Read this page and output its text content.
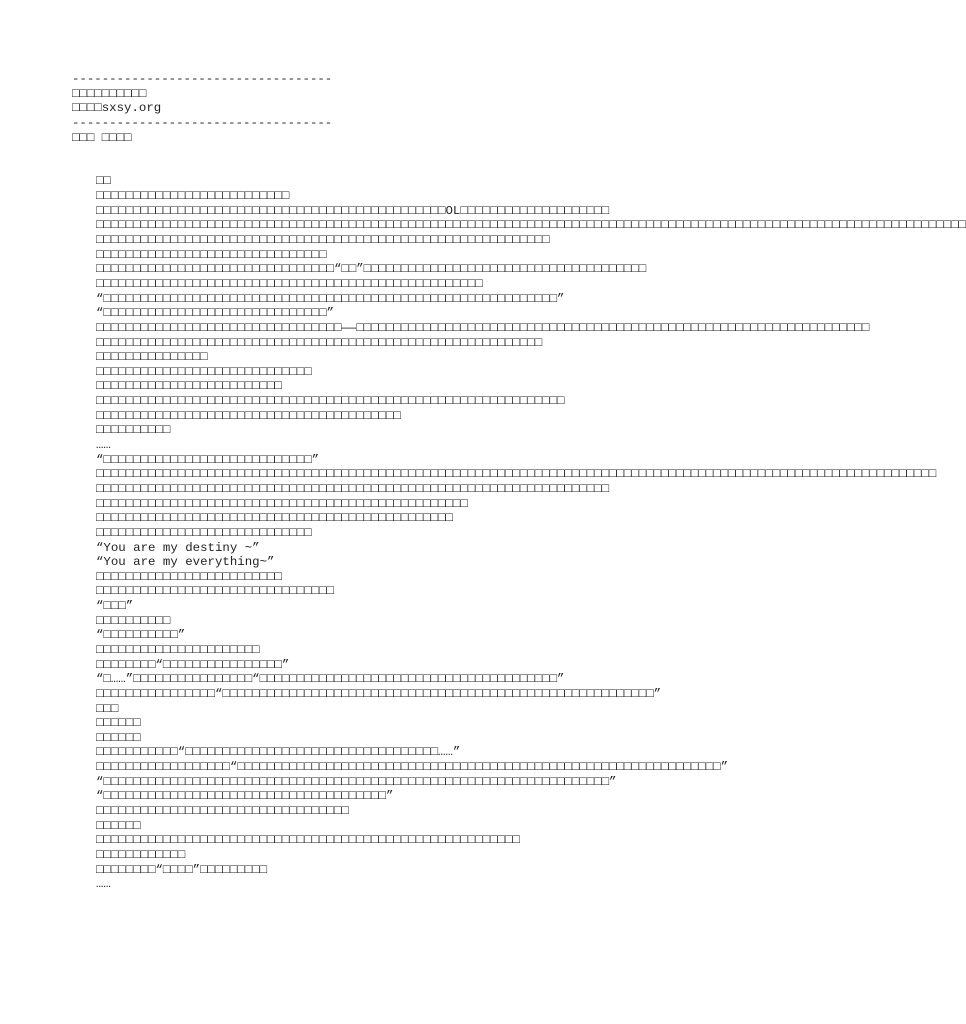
-----------------------------------
□□□□□□□□□□
□□□□sxsy.org
-----------------------------------
□□□ □□□□
□□
□□□□□□□□□□□□□□□□□□□□□□□□□□
□□□□□□□□□□□□□□□□□□□□□□□□□□□□□□□□□□□□□□□□□□□□□□□OL□□□□□□□□□□□□□□□□□□□□
□□□□□□□□□□□□□□□□□□□□□□□□□□□□□□□□□□□□□□□□□□□□□□□□□□□□□□□□□□□□□□□□□□□□□□□□□□□□□□□□□□□□□□□□□□□□□□□□□□□□□□□□□□□□□□□□□□□□□
□□□□□□□□□□□□□□□□□□□□□□□□□□□□□□□□□□□□□□□□□□□□□□□□□□□□□□□□□□□□□
□□□□□□□□□□□□□□□□□□□□□□□□□□□□□□□
□□□□□□□□□□□□□□□□□□□□□□□□□□□□□□□□“□□”□□□□□□□□□□□□□□□□□□□□□□□□□□□□□□□□□□□□□□
□□□□□□□□□□□□□□□□□□□□□□□□□□□□□□□□□□□□□□□□□□□□□□□□□□□□
“□□□□□□□□□□□□□□□□□□□□□□□□□□□□□□□□□□□□□□□□□□□□□□□□□□□□□□□□□□□□□”
“□□□□□□□□□□□□□□□□□□□□□□□□□□□□□□”
□□□□□□□□□□□□□□□□□□□□□□□□□□□□□□□□□——□□□□□□□□□□□□□□□□□□□□□□□□□□□□□□□□□□□□□□□□□□□□□□□□□□□□□□□□□□□□□□□□□□□□□
□□□□□□□□□□□□□□□□□□□□□□□□□□□□□□□□□□□□□□□□□□□□□□□□□□□□□□□□□□□□
□□□□□□□□□□□□□□□
□□□□□□□□□□□□□□□□□□□□□□□□□□□□□
□□□□□□□□□□□□□□□□□□□□□□□□□
□□□□□□□□□□□□□□□□□□□□□□□□□□□□□□□□□□□□□□□□□□□□□□□□□□□□□□□□□□□□□□□
□□□□□□□□□□□□□□□□□□□□□□□□□□□□□□□□□□□□□□□□□
□□□□□□□□□□
……
“□□□□□□□□□□□□□□□□□□□□□□□□□□□□”
□□□□□□□□□□□□□□□□□□□□□□□□□□□□□□□□□□□□□□□□□□□□□□□□□□□□□□□□□□□□□□□□□□□□□□□□□□□□□□□□□□□□□□□□□□□□□□□□□□□□□□□□□□□□□□□□□
□□□□□□□□□□□□□□□□□□□□□□□□□□□□□□□□□□□□□□□□□□□□□□□□□□□□□□□□□□□□□□□□□□□□□
□□□□□□□□□□□□□□□□□□□□□□□□□□□□□□□□□□□□□□□□□□□□□□□□□□
□□□□□□□□□□□□□□□□□□□□□□□□□□□□□□□□□□□□□□□□□□□□□□□□
□□□□□□□□□□□□□□□□□□□□□□□□□□□□□
“You are my destiny ~”
“You are my everything~”
□□□□□□□□□□□□□□□□□□□□□□□□□
□□□□□□□□□□□□□□□□□□□□□□□□□□□□□□□□
“□□□”
□□□□□□□□□□
“□□□□□□□□□□”
□□□□□□□□□□□□□□□□□□□□□□
□□□□□□□□“□□□□□□□□□□□□□□□□”
“□……”□□□□□□□□□□□□□□□□“□□□□□□□□□□□□□□□□□□□□□□□□□□□□□□□□□□□□□□□□”
□□□□□□□□□□□□□□□□“□□□□□□□□□□□□□□□□□□□□□□□□□□□□□□□□□□□□□□□□□□□□□□□□□□□□□□□□□□”
□□□
□□□□□□
□□□□□□
□□□□□□□□□□□“□□□□□□□□□□□□□□□□□□□□□□□□□□□□□□□□□□……”
□□□□□□□□□□□□□□□□□□“□□□□□□□□□□□□□□□□□□□□□□□□□□□□□□□□□□□□□□□□□□□□□□□□□□□□□□□□□□□□□□□□□”
“□□□□□□□□□□□□□□□□□□□□□□□□□□□□□□□□□□□□□□□□□□□□□□□□□□□□□□□□□□□□□□□□□□□□”
“□□□□□□□□□□□□□□□□□□□□□□□□□□□□□□□□□□□□□□”
□□□□□□□□□□□□□□□□□□□□□□□□□□□□□□□□□□
□□□□□□
□□□□□□□□□□□□□□□□□□□□□□□□□□□□□□□□□□□□□□□□□□□□□□□□□□□□□□□□□
□□□□□□□□□□□□
□□□□□□□□“□□□□”□□□□□□□□□
……
